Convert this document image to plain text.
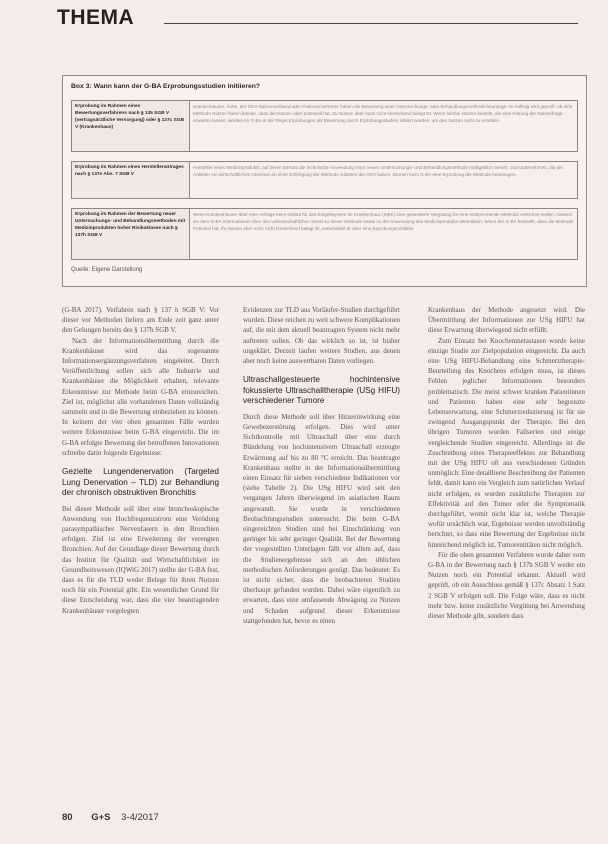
THEMA
Box 3: Wann kann der G-BA Erprobungsstudien initiieren?
Erprobung im Rahmen eines Bewertungsverfahrens nach § 135 SGB V (vertragsärztliche Versorgung) oder § 137c SGB V (Krankenhaus)
Krankenhäuser, Ärzte, der GKV-Spitzenverband oder Patientenvertreter haben die Bewertung einer Untersuchungs- oder Behandlungsmethode beantragt. Im Auftrag wird geprüft, ob eine Methode Nutzen haben könnte, dass der Nutzen aber potentiell hat. Zu Nutzen aber noch nicht hinreichend belegt ist. Wenn hierbei Nutzen besteht, die eine Klärung der Nutzenfrage erwarten lassen, werden im G-BA in der Regel Erprobungen als Bewertung durch Erprobungsstudien initiiert werden, um den Nutzen nicht zu ermitteln.
Erprobung im Rahmen eines Herstellerantrages nach § 137e Abs. 7 SGB V
Hersteller eines Medizinprodukts, auf deren Einsatz die technische Anwendung einer neuen Untersuchungs- und Behandlungsmethode maßgeblich beruht, und Unternehmen, die als Anbieter ein wirtschaftliches Interesse an einer Erbringung der Methode zulasten der GKV haben, können beim G-BA eine Erprobung der Methode beantragen.
Erprobung im Rahmen der Bewertung neuer Untersuchungs- und Behandlungsmethoden mit Medizinprodukten hoher Risikoklasse nach § 137h SGB V
Wenn Krankenhäuser über eine Anfrage beim Institut für das Entgeltsystem im Krankenhaus (InEK) eine gesonderte Vergütung für eine entsprechende Methode erreichen wollen, müssen sie dem G-BA Informationen über den wissenschaftlichen Stand zu dieser Methode sowie zu der Anwendung des Medizinprodukts übermitteln. Wenn der G-BA feststellt, dass die Methode Potential hat, ihr Nutzen aber noch nicht hinreichend belegt ist, entscheidet er über eine Erprobungsrichtlinie.
Quelle: Eigene Darstellung

(G-BA 2017). Verfahren nach § 137 h SGB V: Vor dieser vor Methoden liefern am Ende zeit ganz unter den Gelungen bereits des § 137h SGB V.

Nach der Informationsübermittlung durch die Krankenhäuser wird das sogenannte Informationsergänzungsverfahren eingeleitet. Durch Veröffentlichung sollen sich alle Industrie und Krankenhäuser die Möglichkeit erhalten, relevante Erkenntnisse zur Methode beim G-BA einzureichen. Ziel ist, möglichst alle vorhandenen Daten vollständig sammeln und in die Bewertung einbeziehen zu können. In keinem der vier oben genannten Fälle wurden weitere Erkenntnisse beim G-BA eingereicht. Die im G-BA erfolgte Bewertung der betroffenen Innovationen schreibe darin folgende Ergebnisse:

Gezielte Lungendenervation (Targeted Lung Denervation – TLD) zur Behandlung der chronisch obstruktiven Bronchitis

Bei dieser Methode soll über eine bronchoskopische Anwendung von Hochfrequenzstrom eine Verödung parasympathischer Nervenfasern in den Bronchien erfolgen. Ziel ist eine Erweiterung der verengten Bronchien. Auf der Grundlage dieser Bewertung durch das Institut für Qualität und Wirtschaftlichkeit im Gesundheitswesen (IQWiG 2017) stellte der G-BA fest, dass es für die TLD weder Belege für ihren Nutzen noch für ein Potential gibt. Ein wesentlicher Grund für diese Entscheidung war, dass die vier beantragenden Krankenhäuser vorgelegten

Evidenzen zur TLD aus Vorläufer-Studien durchgeführt wurden. Diese reichen zu weit schwere Komplikationen auf, die mit dem aktuell beantragten System nicht mehr auftreten sollen. Ob das wirklich so ist, ist bisher ungeklärt. Derzeit laufen weitere Studien, aus denen aber noch keine auswertbaren Daten vorliegen.

Ultraschallgesteuerte hochintensive fokussierte Ultraschalltherapie (USg HIFU) verschiedener Tumore

Durch diese Methode soll über Hitzeeinwirkung eine Gewebezerstörung erfolgen. Dies wird unter Sichtkontrolle mit Ultraschall über eine durch Bündelung von hochintensivem Ultraschall erzeugte Erwärmung auf bis zu 80 °C erreicht. Das beantragte Krankenhaus stellte in der Informationsübermittlung einen Einsatz für sieben verschiedene Indikationen vor (siehe Tabelle 2). Die USg HIFU wird seit den vergangen Jahren überwiegend im asiatischen Raum angewandt. Sie wurde in verschiedenen Beobachtungsstudien untersucht. Die beim G-BA eingereichten Studien sind bei Einschränkung von geringer bis sehr geringer Qualität. Bei der Bewertung der vorgestellten Unterlagen fällt vor allem auf, dass die Studienergebnisse sich an den üblichen methodischen Anforderungen genügt. Das bedeutet: Es ist nicht sicher, dass die beobachteten Studien überhaupt gefunden wurden. Dabei wäre eigentlich zu erwarten, dass eine umfassende Abwägung zu Nutzen und Schaden aufgrund dieser Erkenntnisse stattgefunden hat, bevor es einen

Krankenhaus der Methode angesetzt wird. Die Übermittlung der Informationen zur USg HIFU hat diese Erwartung überwiegend nicht erfüllt.

Zum Einsatz bei Knochenmetastasen wurde keine einzige Studie zur Zielpopulation eingereicht. Da auch eine USg HIFU-Behandlung eine Schmerztherapie-Beurteilung des Knochens erfolgen muss, ist dieses Fehlen jeglicher Informationen besonders problematisch. Die meist schwer kranken Patientinnen und Patienten haben eine sehr begrenzte Lebenserwartung, eine Schmerzreduzierung ist für sie zwingend Ausgangspunkt der Therapie. Bei den übrigen Tumoren wurden Fallserien und einige vergleichende Studien eingereicht. Allerdings ist die Zuschreibung eines Therapieeffektes zur Behandlung mit der USg HIFU oft aus verschiedenen Gründen unmöglich: Eine detaillierte Beschreibung der Patienten fehlt, damit kann ein Vergleich zum natürlichen Verlauf nicht erfolgen, es wurden zusätzliche Therapien zur Effektivität auf den Tumor oder die Symptomatik durchgeführt, womit nicht klar ist, welche Therapie wofür ursächlich war, Ergebnisse werden unvollständig berichtet, so dass eine Bewertung der Ergebnisse nicht hinreichend möglich ist, Tumorentitäten nicht möglich.

Für die oben genannten Verfahren wurde daher vom G-BA in der Bewertung nach § 137h SGB V weder ein Nutzen noch ein Potential erkannt. Aktuell wird geprüft, ob ein Ausschluss gemäß § 137c Absatz 1 Satz 2 SGB V erfolgen soll. Die Folge wäre, dass es nicht mehr bzw. keine zusätzliche Vergütung bei Anwendung dieser Methode gibt, sondern dass

80 G+S 3-4/2017
